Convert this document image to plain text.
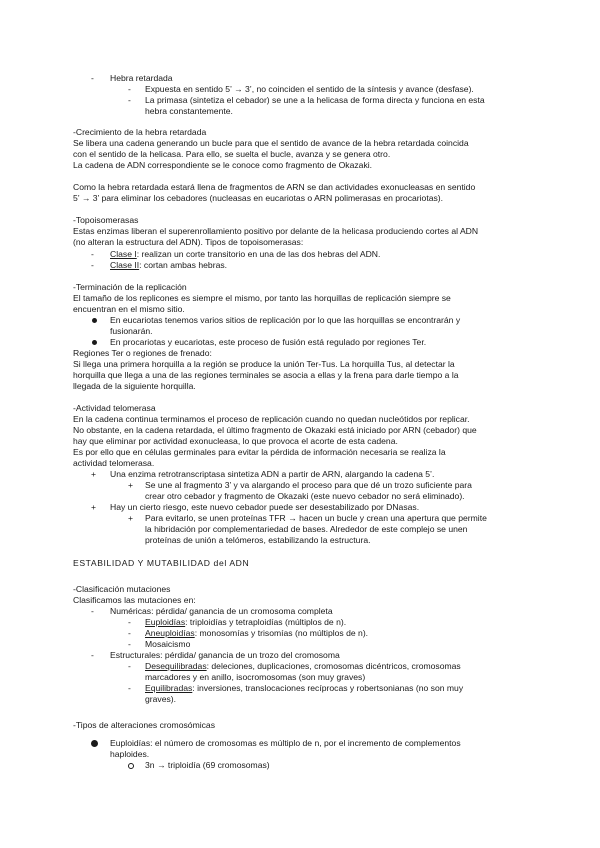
- Hebra retardada
- Expuesta en sentido 5’ → 3’, no coinciden el sentido de la síntesis y avance (desfase).
- La primasa (sintetiza el cebador) se une a la helicasa de forma directa y funciona en esta
hebra constantemente.
-Crecimiento de la hebra retardada
Se libera una cadena generando un bucle para que el sentido de avance de la hebra retardada coincida
con el sentido de la helicasa. Para ello, se suelta el bucle, avanza y se genera otro.
La cadena de ADN correspondiente se le conoce como fragmento de Okazaki.
Como la hebra retardada estará llena de fragmentos de ARN se dan actividades exonucleasas en sentido
5’ → 3’ para eliminar los cebadores (nucleasas en eucariotas o ARN polimerasas en procariotas).
-Topoisomerasas
Estas enzimas liberan el superenrollamiento positivo por delante de la helicasa produciendo cortes al ADN
(no alteran la estructura del ADN). Tipos de topoisomerasas:
- Clase I: realizan un corte transitorio en una de las dos hebras del ADN.
- Clase II: cortan ambas hebras.
-Terminación de la replicación
El tamaño de los replicones es siempre el mismo, por tanto las horquillas de replicación siempre se
encuentran en el mismo sitio.
En eucariotas tenemos varios sitios de replicación por lo que las horquillas se encontrarán y
fusionarán.
En procariotas y eucariotas, este proceso de fusión está regulado por regiones Ter.
Regiones Ter o regiones de frenado:
Si llega una primera horquilla a la región se produce la unión Ter-Tus. La horquilla Tus, al detectar la
horquilla que llega a una de las regiones terminales se asocia a ellas y la frena para darle tiempo a la
llegada de la siguiente horquilla.
-Actividad telomerasa
En la cadena continua terminamos el proceso de replicación cuando no quedan nucleótidos por replicar.
No obstante, en la cadena retardada, el último fragmento de Okazaki está iniciado por ARN (cebador) que
hay que eliminar por actividad exonucleasa, lo que provoca el acorte de esta cadena.
Es por ello que en células germinales para evitar la pérdida de información necesaria se realiza la
actividad telomerasa.
+ Una enzima retrotranscriptasa sintetiza ADN a partir de ARN, alargando la cadena 5’.
+ Se une al fragmento 3’ y va alargando el proceso para que dé un trozo suficiente para
crear otro cebador y fragmento de Okazaki (este nuevo cebador no será eliminado).
+ Hay un cierto riesgo, este nuevo cebador puede ser desestabilizado por DNasas.
+ Para evitarlo, se unen proteínas TFR → hacen un bucle y crean una apertura que permite
la hibridación por complementariedad de bases. Alrededor de este complejo se unen
proteínas de unión a telómeros, estabilizando la estructura.
ESTABILIDAD Y MUTABILIDAD del ADN
-Clasificación mutaciones
Clasificamos las mutaciones en:
- Numéricas: pérdida/ ganancia de un cromosoma completa
- Euploidías: triploidías y tetraploidías (múltiplos de n).
- Aneuploidías: monosomías y trisomías (no múltiplos de n).
- Mosaicismo
- Estructurales: pérdida/ ganancia de un trozo del cromosoma
- Desequilibradas: deleciones, duplicaciones, cromosomas dicéntricos, cromosomas
marcadores y en anillo, isocromosomas (son muy graves)
- Equilibradas: inversiones, translocaciones recíprocas y robertsonianas (no son muy
graves).
-Tipos de alteraciones cromosómicas
Euploidías: el número de cromosomas es múltiplo de n, por el incremento de complementos
haploides.
3n → triploidía (69 cromosomas)
